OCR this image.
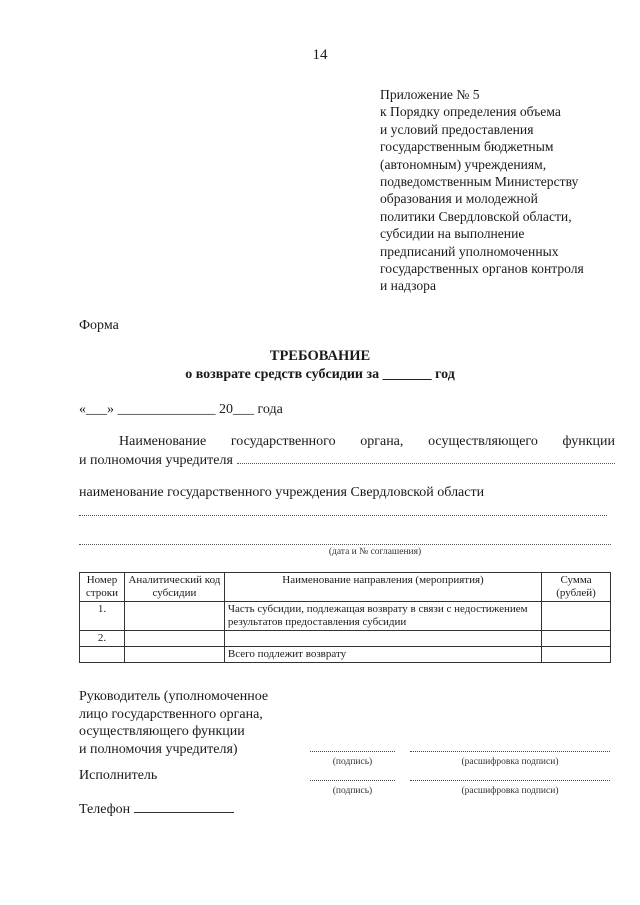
14
Приложение № 5
к Порядку определения объема
и условий предоставления
государственным бюджетным
(автономным) учреждениям,
подведомственным Министерству
образования и молодежной
политики Свердловской области,
субсидии на выполнение
предписаний уполномоченных
государственных органов контроля
и надзора
Форма
ТРЕБОВАНИЕ
о возврате средств субсидии за _______ год
«___» ______________ 20___ года
Наименование государственного органа, осуществляющего функции
и полномочия учредителя
наименование государственного учреждения Свердловской области
(дата и № соглашения)
Номер строки	Аналитический код субсидии	Наименование направления (мероприятия)	Сумма (рублей)
1.		Часть субсидии, подлежащая возврату в связи с недостижением результатов предоставления субсидии	
2.			
		Всего подлежит возврату	
Руководитель (уполномоченное
лицо государственного органа,
осуществляющего функции
и полномочия учредителя)
(подпись)	(расшифровка подписи)
Исполнитель
(подпись)	(расшифровка подписи)
Телефон
